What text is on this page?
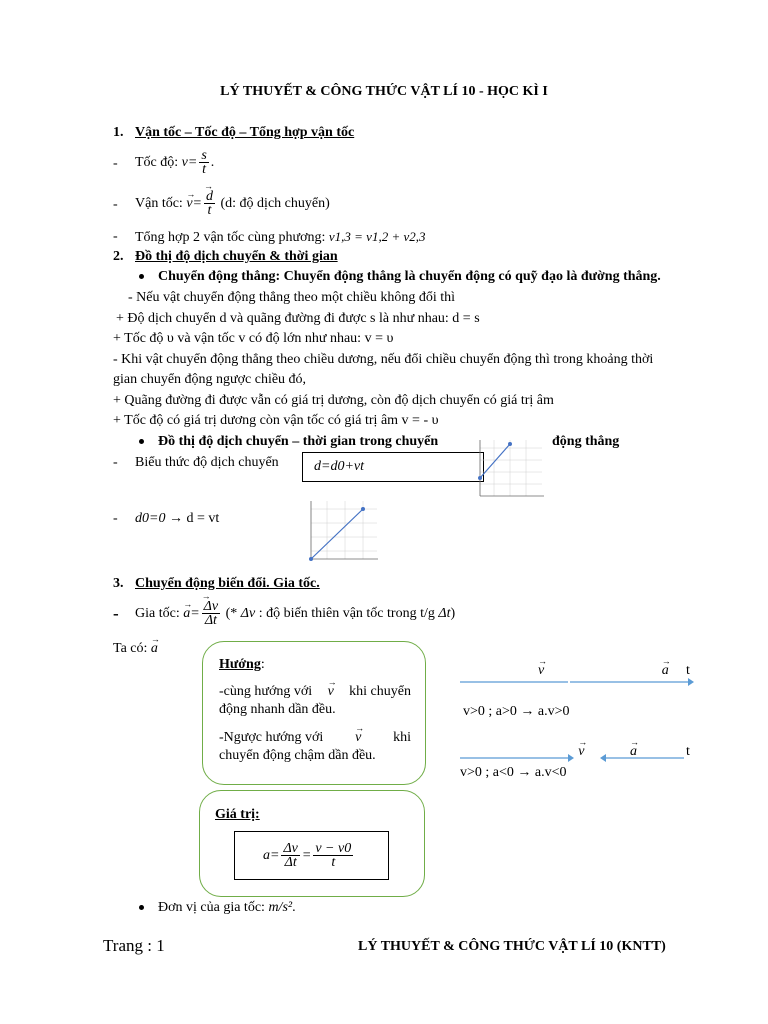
LÝ THUYẾT & CÔNG THỨC VẬT LÍ 10 - HỌC KÌ I
1. Vận tốc – Tốc độ – Tổng hợp vận tốc
- Tốc độ: $v= \frac{s}{t}$ .
- Vận tốc: → v=
→ $\frac{d}{t} (d$: độ dịch chuyển)
- Tổng hợp 2 vận tốc cùng phương: v1,3 = v1,2 + v2,3
2. Đồ thị độ dịch chuyển & thời gian
Chuyển động thẳng: Chuyển động thẳng là chuyển động có quỹ đạo là đường thẳng.
- Nếu vật chuyển động thẳng theo một chiều không đổi thì
+ Độ dịch chuyển d và quãng đường đi được s là như nhau: d = s
+ Tốc độ υ và vận tốc v có độ lớn như nhau: v = υ
- Khi vật chuyển động thẳng theo chiều dương, nếu đổi chiều chuyển động thì trong khoảng thời
gian chuyển động ngược chiều đó,
+ Quãng đường đi được vẫn có giá trị dương, còn độ dịch chuyển có giá trị âm
+ Tốc độ có giá trị dương còn vận tốc có giá trị âm v = - υ
Đồ thị độ dịch chuyển – thời gian trong chuyển	động thẳng
- Biểu thức độ dịch chuyển	d=d0+vt
- d0=0 → d = vt
3. Chuyển động biến đổi. Gia tốc.
- Gia tốc: → a=
→ $\frac{\Delta v}{\Delta t}$ (* Δv : độ biến thiên vận tốc trong t/g Δt)
Ta có: → a
Hướng:
-cùng hướng với
→ v khi chuyển
động nhanh dần đều.
-Ngược hướng với
→ v khi
chuyển động chậm dần đều.
→ v →	a t
v>0 ; a>0 → a.v>0
→ v →	a	t
v>0 ; a<0 → a.v<0
Giá trị:
$a= \frac{\Delta v}{\Delta t} = \frac{v - v0}{t}$
Đơn vị của gia tốc: m/s².
Trang : 1	LÝ THUYẾT & CÔNG THỨC VẬT LÍ 10 (KNTT)
